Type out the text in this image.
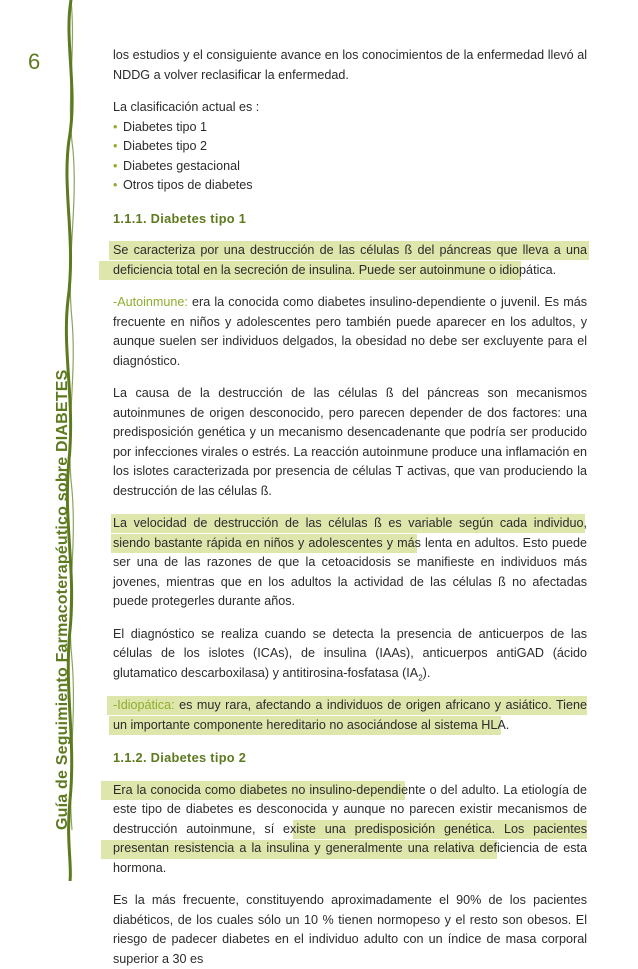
6
Guía de Seguimiento Farmacoterapéutico sobre DIABETES

los estudios y el consiguiente avance en los conocimientos de la enfermedad llevó al NDDG a volver reclasificar la enfermedad.

La clasificación actual es :

• Diabetes tipo 1
• Diabetes tipo 2
• Diabetes gestacional
• Otros tipos de diabetes
1.1.1. Diabetes tipo 1

Se caracteriza por una destrucción de las células ß del páncreas que lleva a una deficiencia total en la secreción de insulina. Puede ser autoinmune o idiopática.

-Autoinmune: era la conocida como diabetes insulino-dependiente o juvenil. Es más frecuente en niños y adolescentes pero también puede aparecer en los adultos, y aunque suelen ser individuos delgados, la obesidad no debe ser excluyente para el diagnóstico.

La causa de la destrucción de las células ß del páncreas son mecanismos autoinmunes de origen desconocido, pero parecen depender de dos factores: una predisposición genética y un mecanismo desencadenante que podría ser producido por infecciones virales o estrés. La reacción autoinmune produce una inflamación en los islotes caracterizada por presencia de células T activas, que van produciendo la destrucción de las células ß.

La velocidad de destrucción de las células ß es variable según cada individuo, siendo bastante rápida en niños y adolescentes y más lenta en adultos. Esto puede ser una de las razones de que la cetoacidosis se manifieste en individuos más jovenes, mientras que en los adultos la actividad de las células ß no afectadas puede protegerles durante años.

El diagnóstico se realiza cuando se detecta la presencia de anticuerpos de las células de los islotes (ICAs), de insulina (IAAs), anticuerpos antiGAD (ácido glutamatico descarboxilasa) y antitirosina-fosfatasa $(IA_2)$.

-Idiopática: es muy rara, afectando a individuos de origen africano y asiático. Tiene un importante componente hereditario no asociándose al sistema HLA.

1.1.2. Diabetes tipo 2

Era la conocida como diabetes no insulino-dependiente o del adulto. La etiología de este tipo de diabetes es desconocida y aunque no parecen existir mecanismos de destrucción autoinmune, sí existe una predisposición genética. Los pacientes presentan resistencia a la insulina y generalmente una relativa deficiencia de esta hormona.

Es la más frecuente, constituyendo aproximadamente el 90% de los pacientes diabéticos, de los cuales sólo un 10 % tienen normopeso y el resto son obesos. El riesgo de padecer diabetes en el individuo adulto con un índice de masa corporal superior a 30 es
